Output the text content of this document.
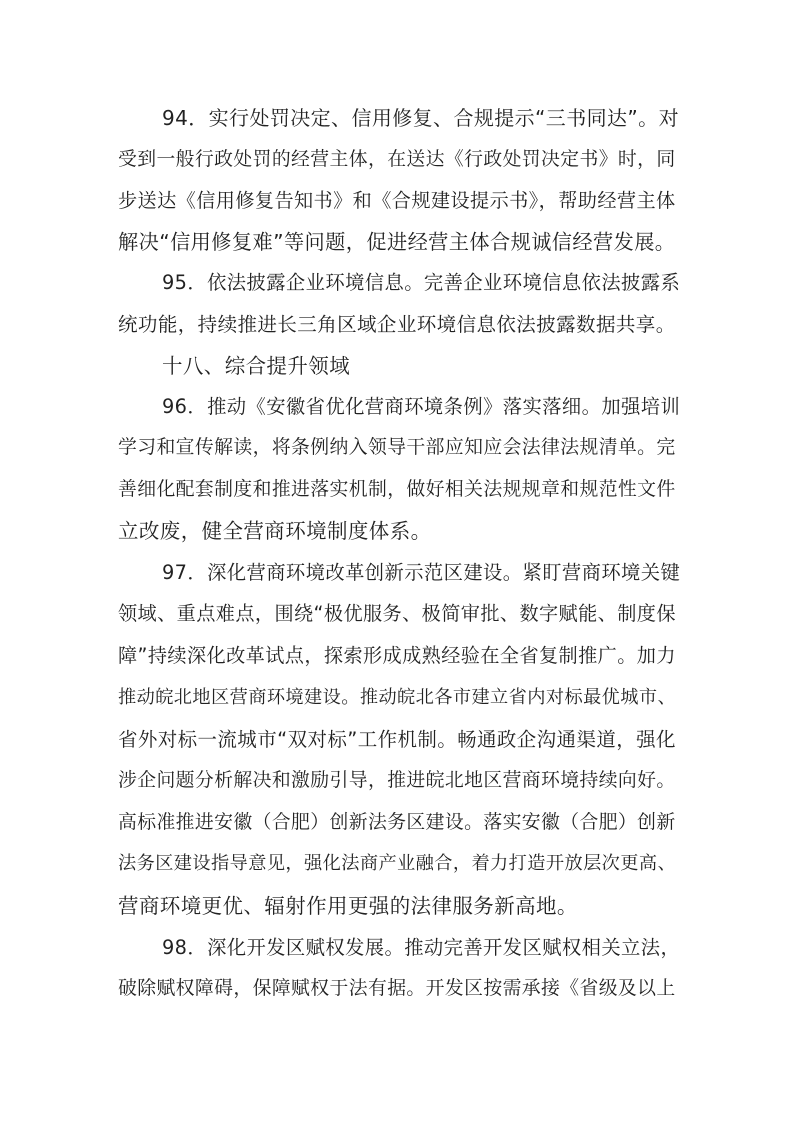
94．实行处罚决定、信用修复、合规提示“三书同达”。对
受到一般行政处罚的经营主体，在送达《行政处罚决定书》时，同
步送达《信用修复告知书》和《合规建设提示书》，帮助经营主体
解决“信用修复难”等问题，促进经营主体合规诚信经营发展。
95．依法披露企业环境信息。完善企业环境信息依法披露系
统功能，持续推进长三角区域企业环境信息依法披露数据共享。
十八、综合提升领域
96．推动《安徽省优化营商环境条例》落实落细。加强培训
学习和宣传解读，将条例纳入领导干部应知应会法律法规清单。完
善细化配套制度和推进落实机制，做好相关法规规章和规范性文件
立改废，健全营商环境制度体系。
97．深化营商环境改革创新示范区建设。紧盯营商环境关键
领域、重点难点，围绕“极优服务、极简审批、数字赋能、制度保
障”持续深化改革试点，探索形成成熟经验在全省复制推广。加力
推动皖北地区营商环境建设。推动皖北各市建立省内对标最优城市、
省外对标一流城市“双对标”工作机制。畅通政企沟通渠道，强化
涉企问题分析解决和激励引导，推进皖北地区营商环境持续向好。
高标准推进安徽（合肥）创新法务区建设。落实安徽（合肥）创新
法务区建设指导意见，强化法商产业融合，着力打造开放层次更高、
营商环境更优、辐射作用更强的法律服务新高地。
98．深化开发区赋权发展。推动完善开发区赋权相关立法，
破除赋权障碍，保障赋权于法有据。开发区按需承接《省级及以上
